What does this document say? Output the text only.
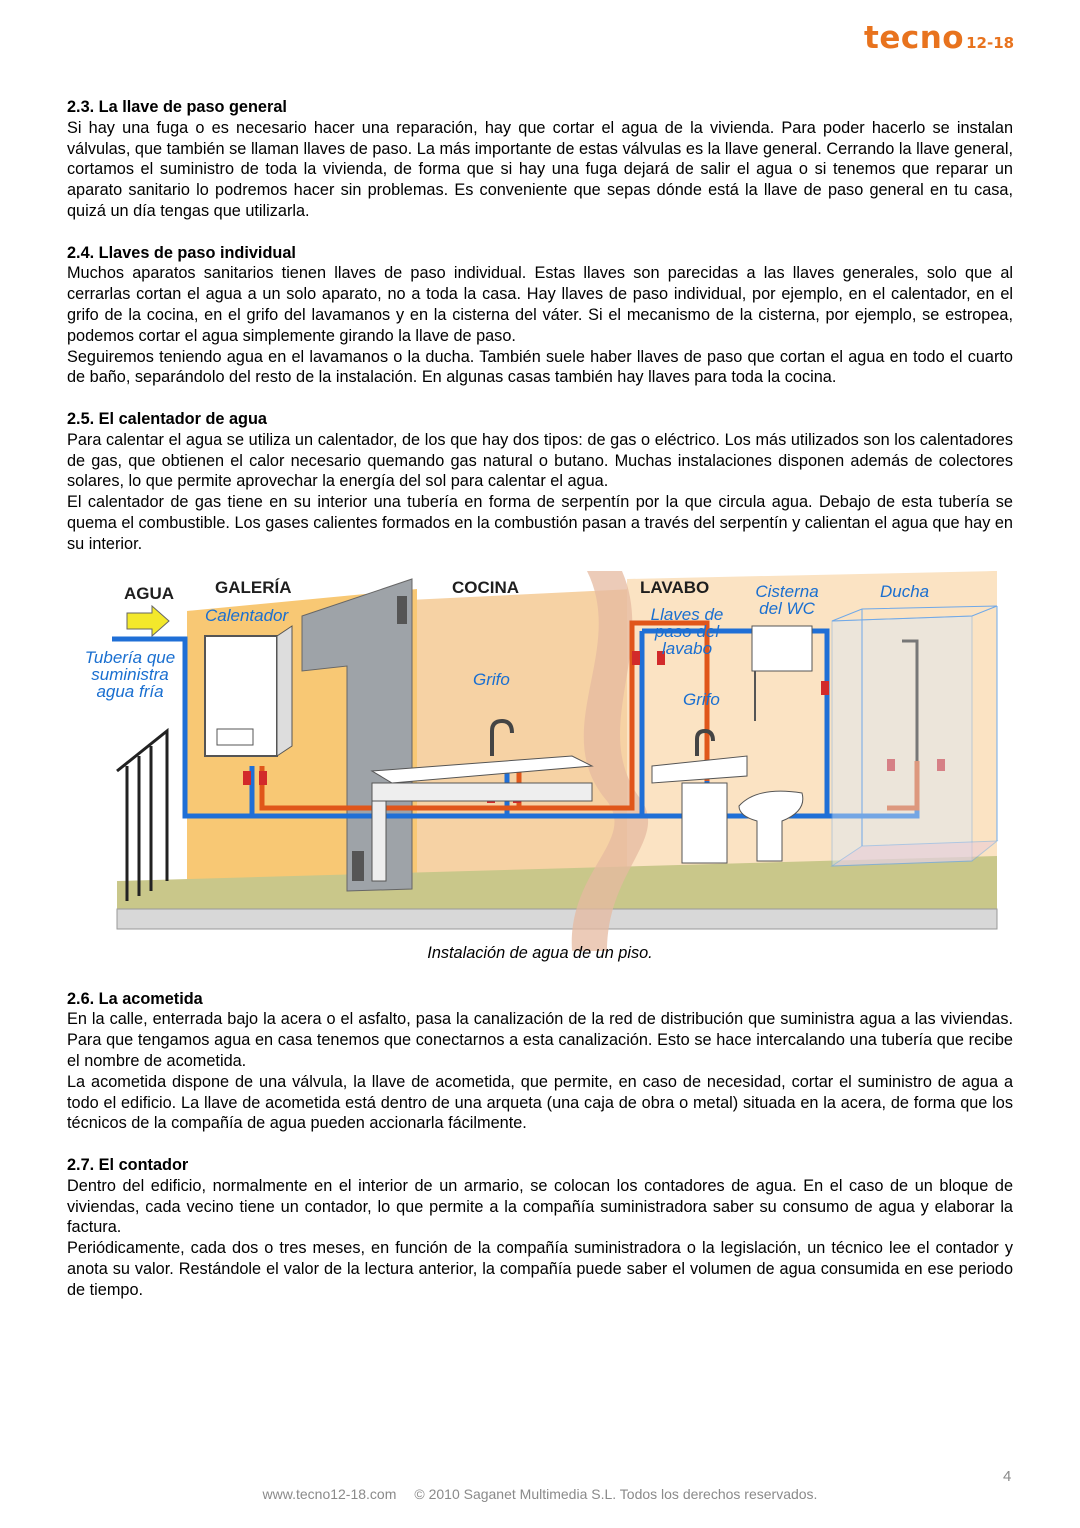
tecno 12-18
2.3. La llave de paso general

Si hay una fuga o es necesario hacer una reparación, hay que cortar el agua de la vivienda. Para poder hacerlo se instalan válvulas, que también se llaman llaves de paso. La más importante de estas válvulas es la llave general. Cerrando la llave general, cortamos el suministro de toda la vivienda, de forma que si hay una fuga dejará de salir el agua o si tenemos que reparar un aparato sanitario lo podremos hacer sin problemas. Es conveniente que sepas dónde está la llave de paso general en tu casa, quizá un día tengas que utilizarla.

2.4. Llaves de paso individual

Muchos aparatos sanitarios tienen llaves de paso individual. Estas llaves son parecidas a las llaves generales, solo que al cerrarlas cortan el agua a un solo aparato, no a toda la casa. Hay llaves de paso individual, por ejemplo, en el calentador, en el grifo de la cocina, en el grifo del lavamanos y en la cisterna del váter. Si el mecanismo de la cisterna, por ejemplo, se estropea, podemos cortar el agua simplemente girando la llave de paso.

Seguiremos teniendo agua en el lavamanos o la ducha. También suele haber llaves de paso que cortan el agua en todo el cuarto de baño, separándolo del resto de la instalación. En algunas casas también hay llaves para toda la cocina.

2.5. El calentador de agua

Para calentar el agua se utiliza un calentador, de los que hay dos tipos: de gas o eléctrico. Los más utilizados son los calentadores de gas, que obtienen el calor necesario quemando gas natural o butano. Muchas instalaciones disponen además de colectores solares, lo que permite aprovechar la energía del sol para calentar el agua.

El calentador de gas tiene en su interior una tubería en forma de serpentín por la que circula agua. Debajo de esta tubería se quema el combustible. Los gases calientes formados en la combustión pasan a través del serpentín y calientan el agua que hay en su interior.

AGUA GALERÍA	COCINA	LAVABO
Calentador
Tubería que
suministra
agua fría
Grifo
Llaves de
paso del
lavabo
Grifo
Cisterna
del WC
Ducha
Instalación de agua de un piso.
2.6. La acometida

En la calle, enterrada bajo la acera o el asfalto, pasa la canalización de la red de distribución que suministra agua a las viviendas. Para que tengamos agua en casa tenemos que conectarnos a esta canalización. Esto se hace intercalando una tubería que recibe el nombre de acometida.

La acometida dispone de una válvula, la llave de acometida, que permite, en caso de necesidad, cortar el suministro de agua a todo el edificio. La llave de acometida está dentro de una arqueta (una caja de obra o metal) situada en la acera, de forma que los técnicos de la compañía de agua pueden accionarla fácilmente.

2.7. El contador

Dentro del edificio, normalmente en el interior de un armario, se colocan los contadores de agua. En el caso de un bloque de viviendas, cada vecino tiene un contador, lo que permite a la compañía suministradora saber su consumo de agua y elaborar la factura.

Periódicamente, cada dos o tres meses, en función de la compañía suministradora o la legislación, un técnico lee el contador y anota su valor. Restándole el valor de la lectura anterior, la compañía puede saber el volumen de agua consumida en ese periodo de tiempo.

4
www.tecno12-18.com © 2010 Saganet Multimedia S.L. Todos los derechos reservados.
